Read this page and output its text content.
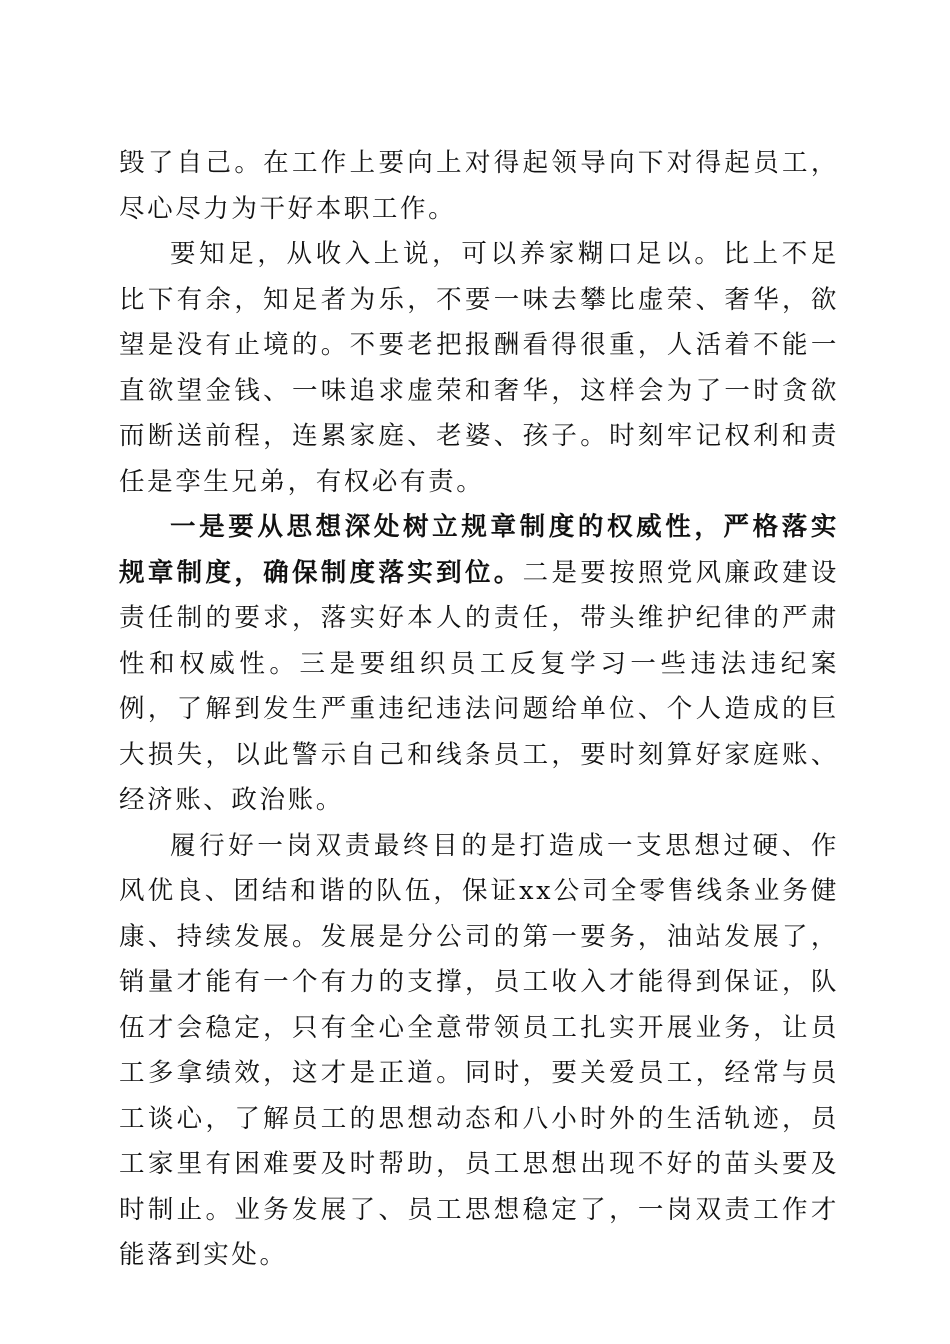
毁了自己。在工作上要向上对得起领导向下对得起员工，尽心尽力为干好本职工作。

要知足，从收入上说，可以养家糊口足以。比上不足比下有余，知足者为乐，不要一味去攀比虚荣、奢华，欲望是没有止境的。不要老把报酬看得很重，人活着不能一直欲望金钱、一味追求虚荣和奢华，这样会为了一时贪欲而断送前程，连累家庭、老婆、孩子。时刻牢记权利和责任是孪生兄弟，有权必有责。

一是要从思想深处树立规章制度的权威性，严格落实规章制度，确保制度落实到位。二是要按照党风廉政建设责任制的要求，落实好本人的责任，带头维护纪律的严肃性和权威性。三是要组织员工反复学习一些违法违纪案例，了解到发生严重违纪违法问题给单位、个人造成的巨大损失，以此警示自己和线条员工，要时刻算好家庭账、经济账、政治账。

履行好一岗双责最终目的是打造成一支思想过硬、作风优良、团结和谐的队伍，保证xx公司全零售线条业务健康、持续发展。发展是分公司的第一要务，油站发展了，销量才能有一个有力的支撑，员工收入才能得到保证，队伍才会稳定，只有全心全意带领员工扎实开展业务，让员工多拿绩效，这才是正道。同时，要关爱员工，经常与员工谈心，了解员工的思想动态和八小时外的生活轨迹，员工家里有困难要及时帮助，员工思想出现不好的苗头要及时制止。业务发展了、员工思想稳定了，一岗双责工作才能落到实处。
